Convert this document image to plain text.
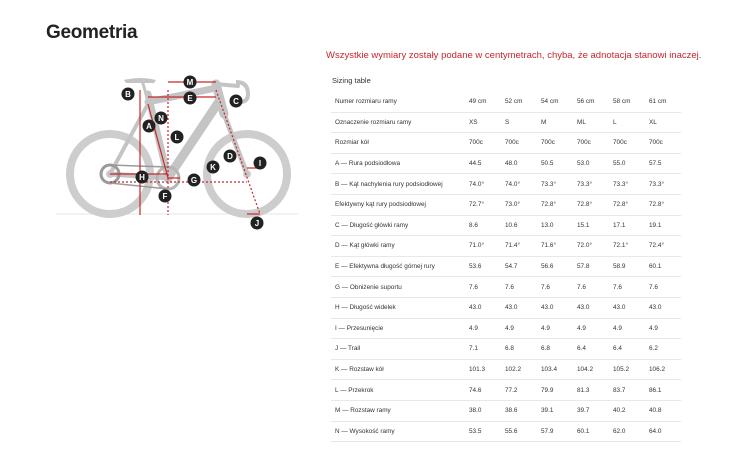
Geometria
Wszystkie wymiary zostały podane w centymetrach, chyba, że adnotacja stanowi inaczej.
B
M
E	C
N
A
L
D
I
K
H	G
F
J
Sizing table
Numer rozmiaru ramy	49 cm	52 cm	54 cm	56 cm	58 cm	61 cm
Oznaczenie rozmiaru ramy	XS	S	M	ML	L	XL
Rozmiar kół	700c	700c	700c	700c	700c	700c
A — Rura podsiodłowa	44.5	48.0	50.5	53.0	55.0	57.5
B — Kąt nachylenia rury podsiodłowej	74.0°	74.0°	73.3°	73.3°	73.3°	73.3°
Efektywny kąt rury podsiodłowej	72.7°	73.0°	72.8°	72.8°	72.8°	72.8°
C — Długość główki ramy	8.6	10.6	13.0	15.1	17.1	19.1
D — Kąt główki ramy	71.0°	71.4°	71.6°	72.0°	72.1°	72.4°
E — Efektywna długość górnej rury	53.6	54.7	56.6	57.8	58.9	60.1
G — Obniżenie suportu	7.6	7.6	7.6	7.6	7.6	7.6
H — Długość widelek	43.0	43.0	43.0	43.0	43.0	43.0
I — Przesunięcie	4.9	4.9	4.9	4.9	4.9	4.9
J — Trail	7.1	6.8	6.8	6.4	6.4	6.2
K — Rozstaw kół	101.3	102.2	103.4	104.2	105.2	106.2
L — Przekrok	74.6	77.2	79.9	81.3	83.7	86.1
M — Rozstaw ramy	38.0	38.6	39.1	39.7	40.2	40.8
N — Wysokość ramy	53.5	55.6	57.9	60.1	62.0	64.0
